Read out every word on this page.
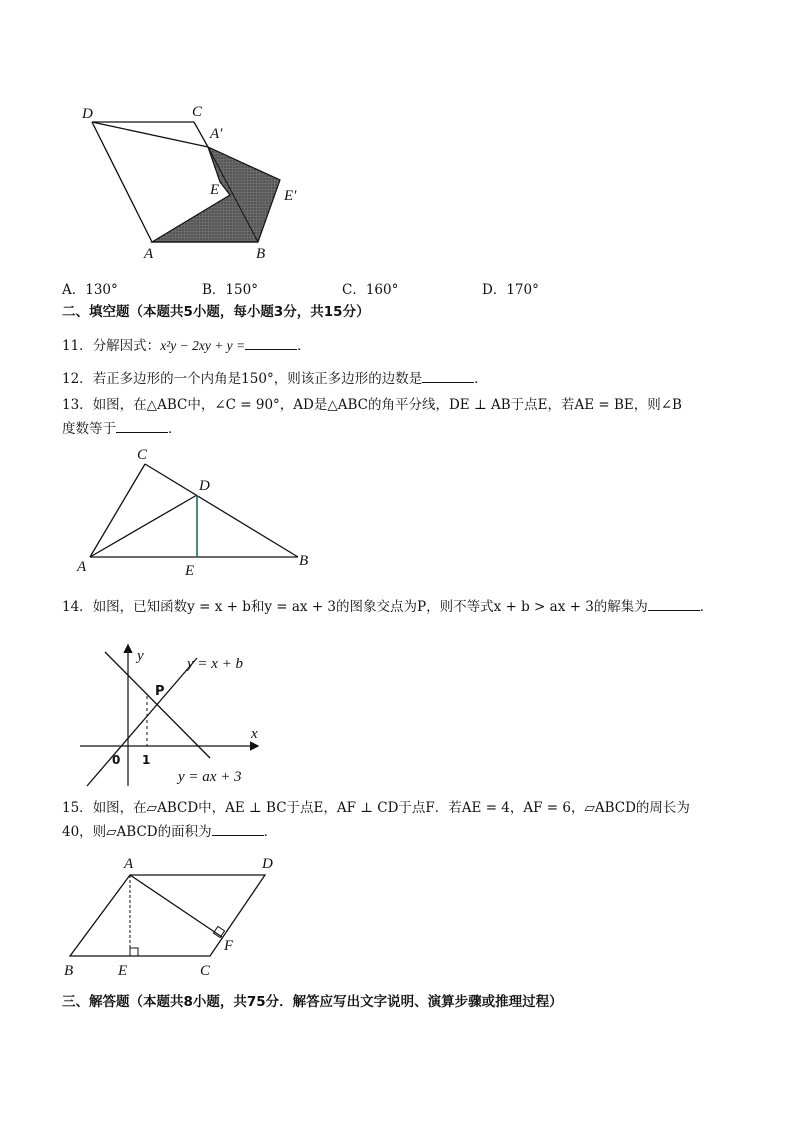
D	C
A′
E	E′
A	B
A．130°	B．150°	C．160°	D．170°
二、填空题（本题共5小题，每小题3分，共15分）
11．分解因式：x²y − 2xy + y =	．
12．若正多边形的一个内角是150°，则该正多边形的边数是	．
13．如图，在△ABC中，∠C = 90°，AD是△ABC的角平分线，DE ⊥ AB于点E，若AE = BE，则∠B
度数等于	．
C
D
A	E
B
14．如图，已知函数y = x + b和y = ax + 3的图象交点为P，则不等式x + b > ax + 3的解集为	．
y
x
0 1
P
y = x + b
y = ax + 3
15．如图，在▱ABCD中，AE ⊥ BC于点E，AF ⊥ CD于点F．若AE = 4，AF = 6，▱ABCD的周长为
40，则▱ABCD的面积为	．
A	D
F
B	E	C
三、解答题（本题共8小题，共75分．解答应写出文字说明、演算步骤或推理过程）
